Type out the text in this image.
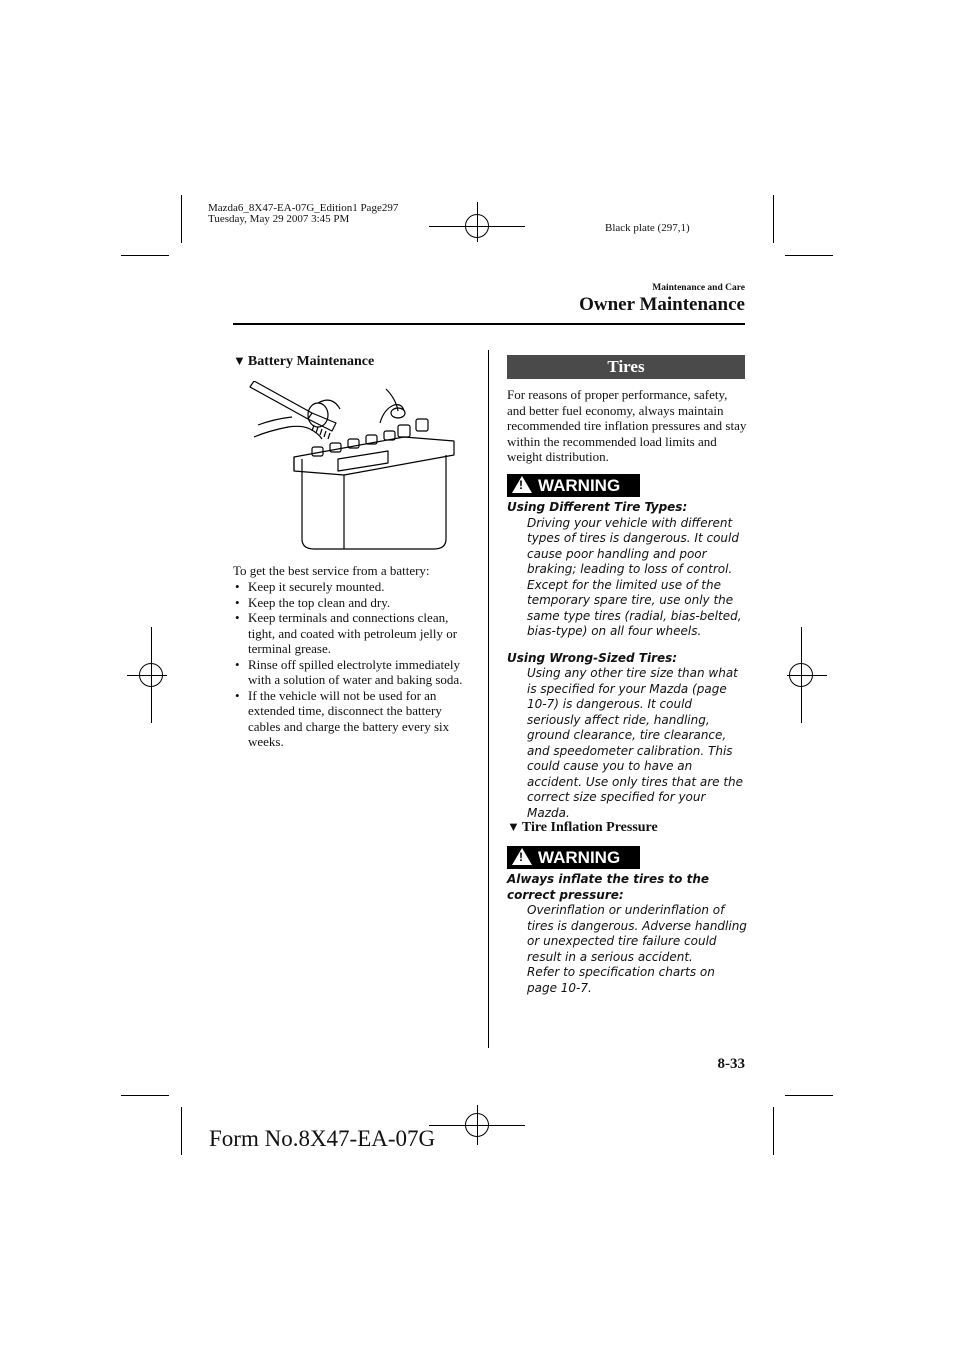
Mazda6_8X47-EA-07G_Edition1 Page297
Tuesday, May 29 2007 3:45 PM
Black plate (297,1)
Maintenance and Care
Owner Maintenance
▼ Battery Maintenance
To get the best service from a battery:
• Keep it securely mounted.
• Keep the top clean and dry.
• Keep terminals and connections clean, tight, and coated with petroleum jelly or terminal grease.
• Rinse off spilled electrolyte immediately with a solution of water and baking soda.
• If the vehicle will not be used for an extended time, disconnect the battery cables and charge the battery every six weeks.
Tires
For reasons of proper performance, safety, and better fuel economy, always maintain recommended tire inflation pressures and stay within the recommended load limits and weight distribution.
! WARNING
Using Different Tire Types:
Driving your vehicle with different types of tires is dangerous. It could cause poor handling and poor braking; leading to loss of control. Except for the limited use of the temporary spare tire, use only the same type tires (radial, bias-belted, bias-type) on all four wheels.
Using Wrong-Sized Tires:
Using any other tire size than what is specified for your Mazda (page 10-7) is dangerous. It could seriously affect ride, handling, ground clearance, tire clearance, and speedometer calibration. This could cause you to have an accident. Use only tires that are the correct size specified for your Mazda.
▼ Tire Inflation Pressure
! WARNING
Always inflate the tires to the correct pressure:
Overinflation or underinflation of tires is dangerous. Adverse handling or unexpected tire failure could result in a serious accident.
Refer to specification charts on page 10-7.
8-33
Form No.8X47-EA-07G
